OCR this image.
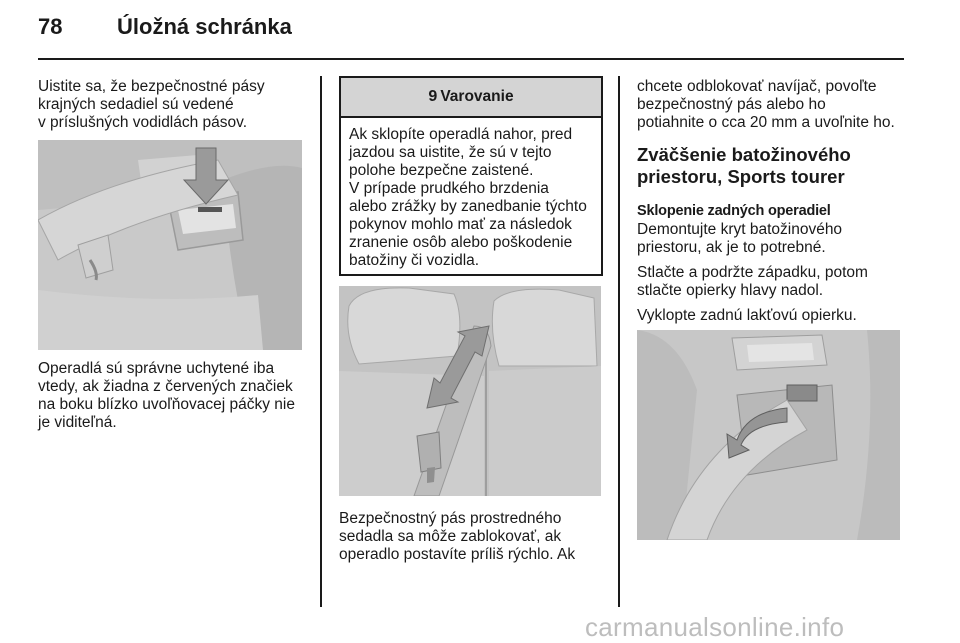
78 Úložná schránka

Uistite sa, že bezpečnostné pásy

krajných sedadiel sú vedené

v príslušných vodidlách pásov.

Operadlá sú správne uchytené iba

vtedy, ak žiadna z červených značiek

na boku blízko uvoľňovacej páčky nie

je viditeľná.

9 Varovanie
Ak sklopíte operadlá nahor, pred
jazdou sa uistite, že sú v tejto
polohe bezpečne zaistené.
V prípade prudkého brzdenia
alebo zrážky by zanedbanie týchto
pokynov mohlo mať za následok
zranenie osôb alebo poškodenie
batožiny či vozidla.

Bezpečnostný pás prostredného

sedadla sa môže zablokovať, ak

operadlo postavíte príliš rýchlo. Ak

chcete odblokovať navíjač, povoľte

bezpečnostný pás alebo ho

potiahnite o cca 20 mm a uvoľnite ho.

Zväčšenie batožinového
priestoru, Sports tourer
Sklopenie zadných operadiel

Demontujte kryt batožinového

priestoru, ak je to potrebné.

Stlačte a podržte západku, potom

stlačte opierky hlavy nadol.

Vyklopte zadnú lakťovú opierku.

carmanualsonline.info
